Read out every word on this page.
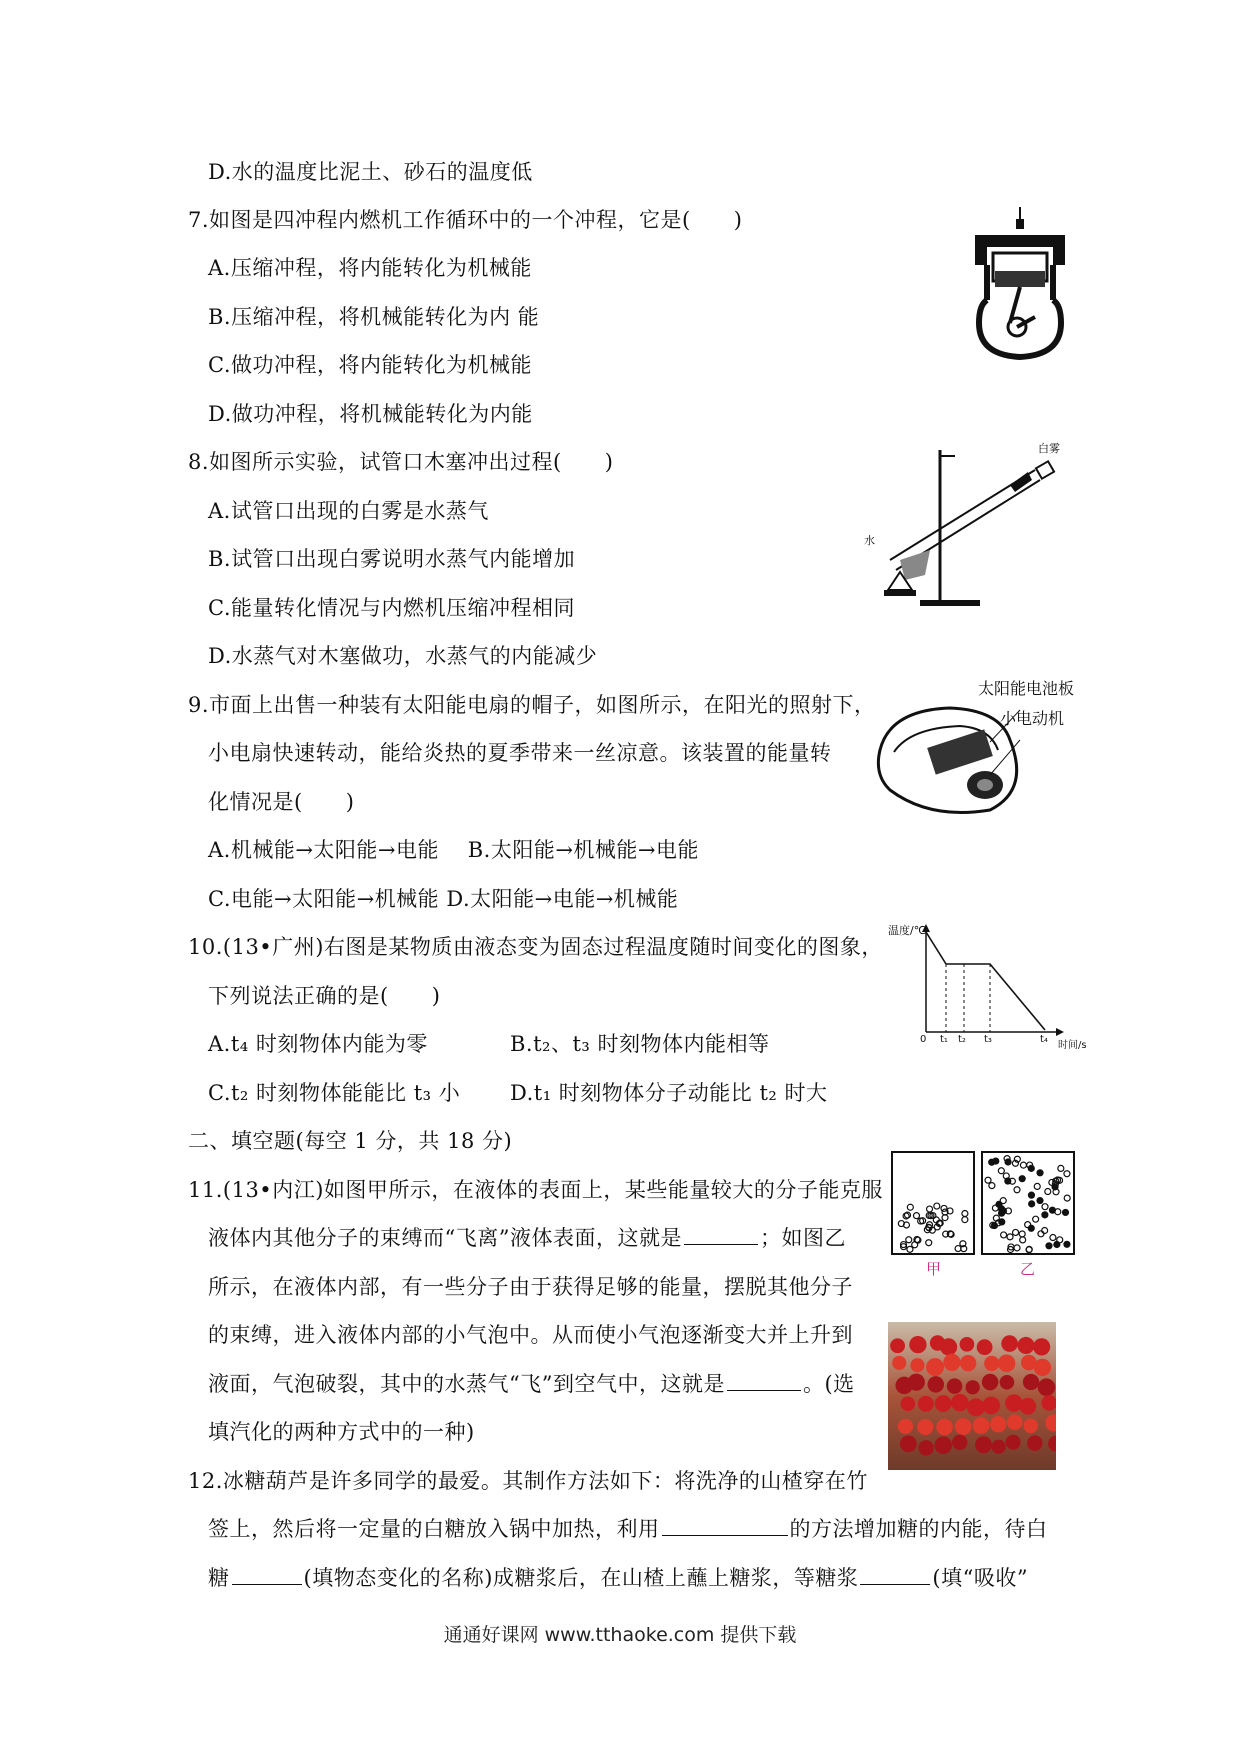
D.水的温度比泥土、砂石的温度低
7.如图是四冲程内燃机工作循环中的一个冲程，它是(　　)
A.压缩冲程，将内能转化为机械能
B.压缩冲程，将机械能转化为内 能
C.做功冲程，将内能转化为机械能
D.做功冲程，将机械能转化为内能
8.如图所示实验，试管口木塞冲出过程(　　)
A.试管口出现的白雾是水蒸气
B.试管口出现白雾说明水蒸气内能增加
C.能量转化情况与内燃机压缩冲程相同
D.水蒸气对木塞做功，水蒸气的内能减少
9.市面上出售一种装有太阳能电扇的帽子，如图所示，在阳光的照射下，
小电扇快速转动，能给炎热的夏季带来一丝凉意。该装置的能量转
化情况是(　　)
A.机械能→太阳能→电能　 B.太阳能→机械能→电能
C.电能→太阳能→机械能 D.太阳能→电能→机械能
10.(13•广州)右图是某物质由液态变为固态过程温度随时间变化的图象，
下列说法正确的是(　　)
A.t₄ 时刻物体内能为零	B.t₂、t₃ 时刻物体内能相等
C.t₂ 时刻物体能能比 t₃ 小 D.t₁ 时刻物体分子动能比 t₂ 时大
二、填空题(每空 1 分，共 18 分)
11.(13•内江)如图甲所示，在液体的表面上，某些能量较大的分子能克服
液体内其他分子的束缚而“飞离”液体表面，这就是	；如图乙
所示，在液体内部，有一些分子由于获得足够的能量，摆脱其他分子
的束缚，进入液体内部的小气泡中。从而使小气泡逐渐变大并上升到
液面，气泡破裂，其中的水蒸气“飞”到空气中，这就是	。(选
填汽化的两种方式中的一种)
12.冰糖葫芦是许多同学的最爱。其制作方法如下：将洗净的山楂穿在竹
签上，然后将一定量的白糖放入锅中加热，利用	的方法增加糖的内能，待白
糖	(填物态变化的名称)成糖浆后，在山楂上蘸上糖浆，等糖浆	(填“吸收”
白雾
水
太阳能电池板
小电动机
温度/℃
时间/s
0 t₁ t₂ t₃	t₄
甲	乙
通通好课网 www.tthaoke.com 提供下载
